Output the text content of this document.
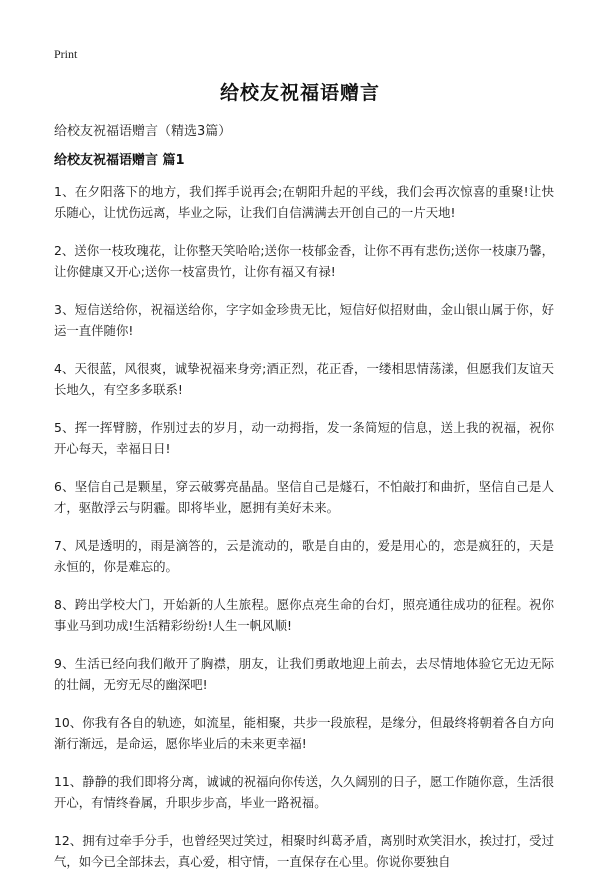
Print
给校友祝福语赠言
给校友祝福语赠言（精选3篇）
给校友祝福语赠言 篇1

1、在夕阳落下的地方，我们挥手说再会;在朝阳升起的平线，我们会再次惊喜的重聚!让快乐随心，让忧伤远离，毕业之际，让我们自信满满去开创自己的一片天地!

2、送你一枝玫瑰花，让你整天笑哈哈;送你一枝郁金香，让你不再有悲伤;送你一枝康乃馨，让你健康又开心;送你一枝富贵竹，让你有福又有禄!

3、短信送给你，祝福送给你，字字如金珍贵无比，短信好似招财曲，金山银山属于你，好运一直伴随你!

4、天很蓝，风很爽，诚挚祝福来身旁;酒正烈，花正香，一缕相思情荡漾，但愿我们友谊天长地久，有空多多联系!

5、挥一挥臂膀，作别过去的岁月，动一动拇指，发一条简短的信息，送上我的祝福，祝你开心每天，幸福日日!

6、坚信自己是颗星，穿云破雾亮晶晶。坚信自己是燧石，不怕敲打和曲折，坚信自己是人才，驱散浮云与阴霾。即将毕业，愿拥有美好未来。

7、风是透明的，雨是滴答的，云是流动的，歌是自由的，爱是用心的，恋是疯狂的，天是永恒的，你是难忘的。

8、跨出学校大门，开始新的人生旅程。愿你点亮生命的台灯，照亮通往成功的征程。祝你事业马到功成!生活精彩纷纷!人生一帆风顺!

9、生活已经向我们敞开了胸襟，朋友，让我们勇敢地迎上前去，去尽情地体验它无边无际的壮阔，无穷无尽的幽深吧!

10、你我有各自的轨迹，如流星，能相聚，共步一段旅程，是缘分，但最终将朝着各自方向渐行渐远，是命运，愿你毕业后的未来更幸福!

11、静静的我们即将分离，诚诚的祝福向你传送，久久阔别的日子，愿工作随你意，生活很开心，有情终眷属，升职步步高，毕业一路祝福。

12、拥有过牵手分手，也曾经哭过笑过，相聚时纠葛矛盾，离别时欢笑泪水，挨过打，受过气，如今已全部抹去，真心爱，相守情，一直保存在心里。你说你要独自
